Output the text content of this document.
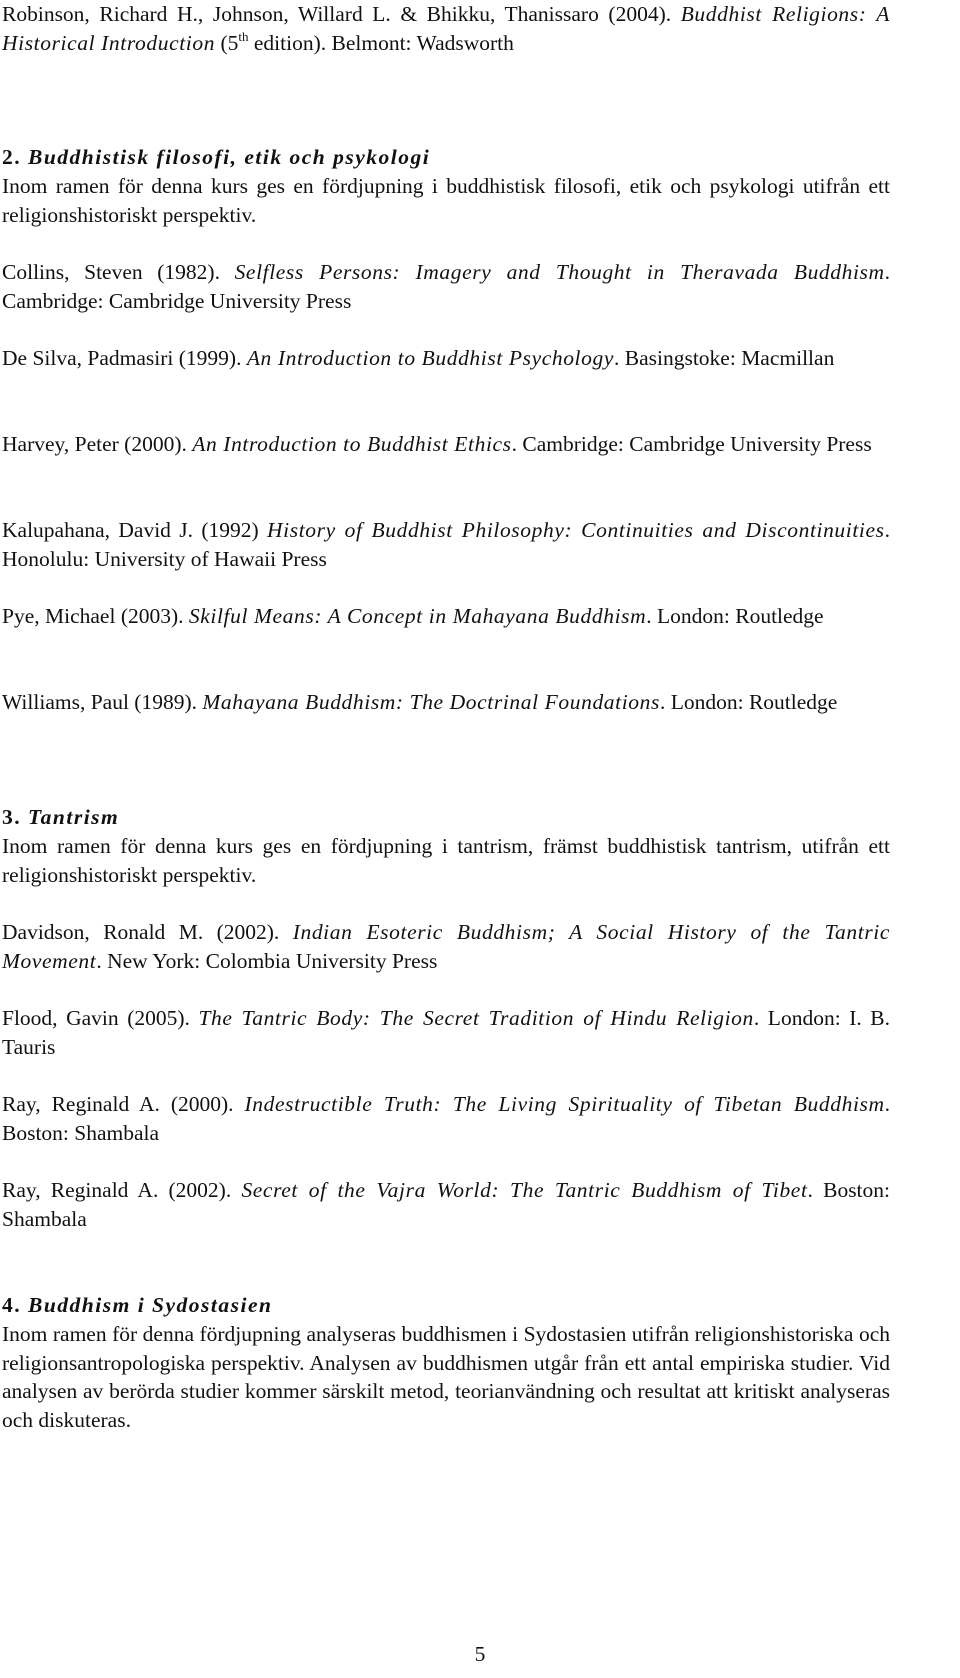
Robinson, Richard H., Johnson, Willard L. & Bhikku, Thanissaro (2004). Buddhist Religions: A Historical Introduction (5th edition). Belmont: Wadsworth

2. Buddhistisk filosofi, etik och psykologi

Inom ramen för denna kurs ges en fördjupning i buddhistisk filosofi, etik och psykologi utifrån ett religionshistoriskt perspektiv.

Collins, Steven (1982). Selfless Persons: Imagery and Thought in Theravada Buddhism. Cambridge: Cambridge University Press

De Silva, Padmasiri (1999). An Introduction to Buddhist Psychology. Basingstoke: Macmillan

Harvey, Peter (2000). An Introduction to Buddhist Ethics. Cambridge: Cambridge University Press

Kalupahana, David J. (1992) History of Buddhist Philosophy: Continuities and Discontinuities. Honolulu: University of Hawaii Press

Pye, Michael (2003). Skilful Means: A Concept in Mahayana Buddhism. London: Routledge

Williams, Paul (1989). Mahayana Buddhism: The Doctrinal Foundations. London: Routledge

3. Tantrism

Inom ramen för denna kurs ges en fördjupning i tantrism, främst buddhistisk tantrism, utifrån ett religionshistoriskt perspektiv.

Davidson, Ronald M. (2002). Indian Esoteric Buddhism; A Social History of the Tantric Movement. New York: Colombia University Press

Flood, Gavin (2005). The Tantric Body: The Secret Tradition of Hindu Religion. London: I. B. Tauris

Ray, Reginald A. (2000). Indestructible Truth: The Living Spirituality of Tibetan Buddhism. Boston: Shambala

Ray, Reginald A. (2002). Secret of the Vajra World: The Tantric Buddhism of Tibet. Boston: Shambala

4. Buddhism i Sydostasien

Inom ramen för denna fördjupning analyseras buddhismen i Sydostasien utifrån religionshistoriska och religionsantropologiska perspektiv. Analysen av buddhismen utgår från ett antal empiriska studier. Vid analysen av berörda studier kommer särskilt metod, teorianvändning och resultat att kritiskt analyseras och diskuteras.

5
